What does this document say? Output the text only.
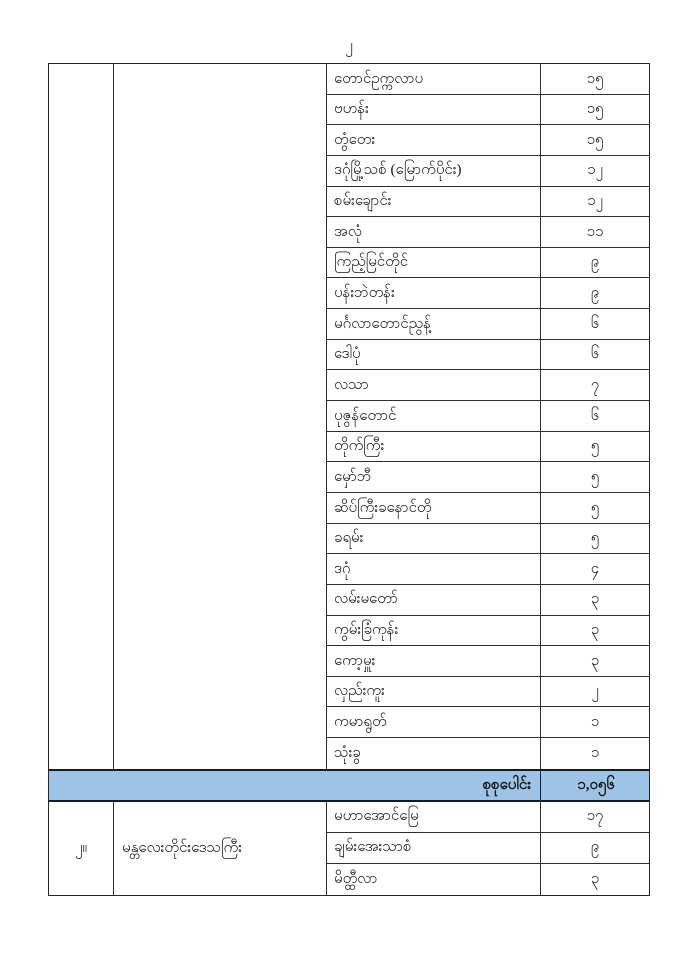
၂
တောင်ဥက္ကလာပ	၁၅
ဗဟန်း	၁၅
တွံတေး	၁၅
ဒဂုံမြို့သစ် (မြောက်ပိုင်း)	၁၂
စမ်းချောင်း	၁၂
အလုံ	၁၁
ကြည့်မြင်တိုင်	၉
ပန်းဘဲတန်း	၉
မင်္ဂလာတောင်ညွန့်	၆
ဒေါပုံ	၆
လသာ	၇
ပုဇွန်တောင်	၆
တိုက်ကြီး	၅
မှော်ဘီ	၅
ဆိပ်ကြီးခနောင်တို	၅
ခရမ်း	၅
ဒဂုံ	၄
လမ်းမတော်	၃
ကွမ်းခြံကုန်း	၃
ကော့မှူး	၃
လှည်းကူး	၂
ကမာရွတ်	၁
သုံးခွ	၁
စုစုပေါင်း	၁,၀၅၆
၂။	မန္တလေးတိုင်းဒေသကြီး
မဟာအောင်မြေ	၁၇
ချမ်းအေးသာစံ	၉
မိတ္ထီလာ	၃
